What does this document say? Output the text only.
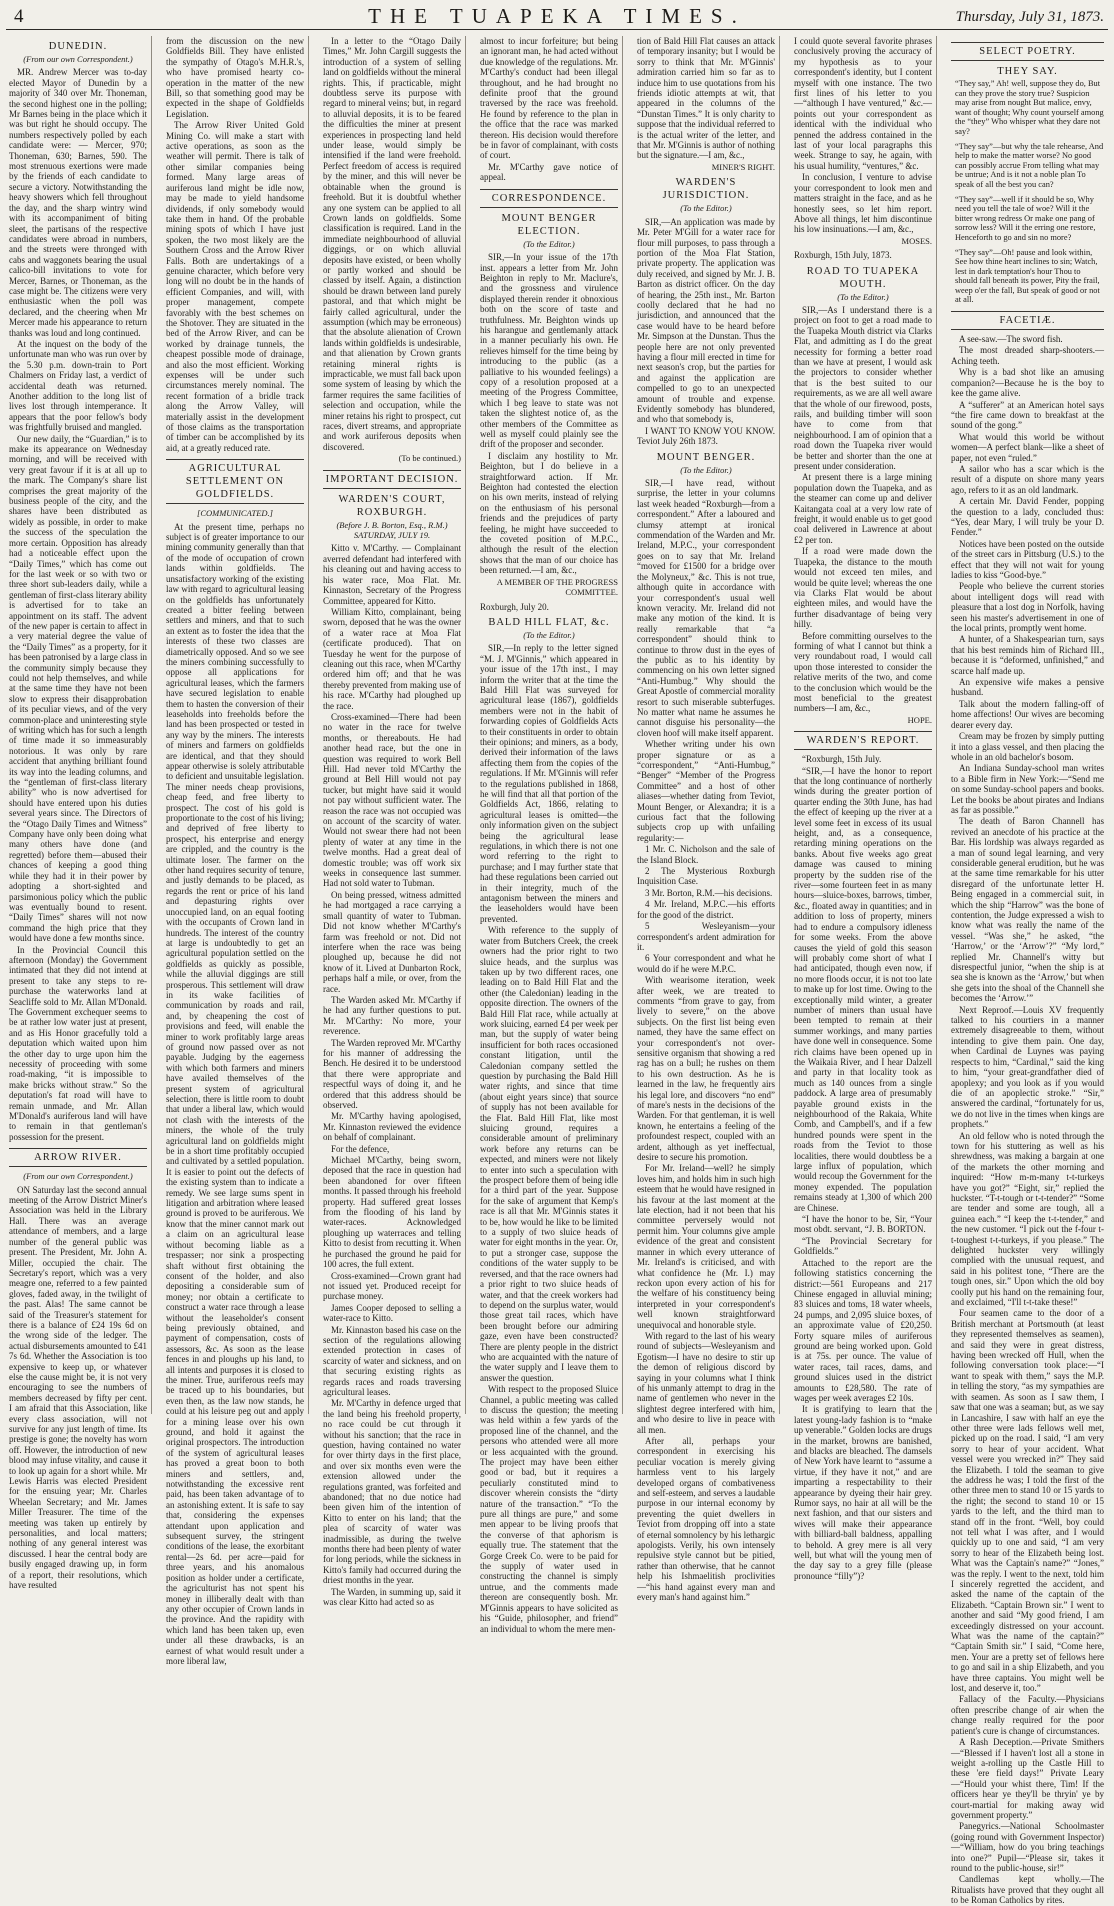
4	THE TUAPEKA TIMES.	Thursday, July 31, 1873.
DUNEDIN.
(From our own Correspondent.)

MR. Andrew Mercer was to-day elected Mayor of Dunedin by a majority of 340 over Mr. Thoneman, the second highest one in the polling; Mr Barnes being in the place which it was but right he should occupy. The numbers respectively polled by each candidate were: — Mercer, 970; Thoneman, 630; Barnes, 590. The most strenuous exertions were made by the friends of each candidate to secure a victory. Notwithstanding the heavy showers which fell throughout the day, and the sharp wintry wind with its accompaniment of biting sleet, the partisans of the respective candidates were abroad in numbers, and the streets were thronged with cabs and waggonets bearing the usual calico-bill invitations to vote for Mercer, Barnes, or Thoneman, as the case might be. The citizens were very enthusiastic when the poll was declared, and the cheering when Mr Mercer made his appearance to return thanks was loud and long continued.

At the inquest on the body of the unfortunate man who was run over by the 5.30 p.m. down-train to Port Chalmers on Friday last, a verdict of accidental death was returned. Another addition to the long list of lives lost through intemperance. It appears that the poor fellow's body was frightfully bruised and mangled.

Our new daily, the “Guardian,” is to make its appearance on Wednesday morning, and will be received with very great favour if it is at all up to the mark. The Company's share list comprises the great majority of the business people of the city, and the shares have been distributed as widely as possible, in order to make the success of the speculation the more certain. Opposition has already had a noticeable effect upon the “Daily Times,” which has come out for the last week or so with two or three short sub-leaders daily, while a gentleman of first-class literary ability is advertised for to take an appointment on its staff. The advent of the new paper is certain to affect in a very material degree the value of the “Daily Times” as a property, for it has been patronised by a large class in the community simply because they could not help themselves, and while at the same time they have not been slow to express their disapprobation of its peculiar views, and of the very common-place and uninteresting style of writing which has for such a length of time made it so immeasurably notorious. It was only by rare accident that anything brilliant found its way into the leading columns, and the “gentleman of first-class literary ability” who is now advertised for should have entered upon his duties several years since. The Directors of the “Otago Daily Times and Witness” Company have only been doing what many others have done (and regretted) before them—abused their chances of keeping a good thing while they had it in their power by adopting a short-sighted and parsimonious policy which the public was eventually bound to resent. “Daily Times” shares will not now command the high price that they would have done a few months since.

In the Provincial Council this afternoon (Monday) the Government intimated that they did not intend at present to take any steps to re-purchase the waterworks land at Seacliffe sold to Mr. Allan M'Donald. The Government exchequer seems to be at rather low water just at present, and as His Honor gracefully told a deputation which waited upon him the other day to urge upon him the necessity of proceeding with some road-making, “it is impossible to make bricks without straw.” So the deputation's fat road will have to remain unmade, and Mr. Allan M'Donald's auriferous land will have to remain in that gentleman's possession for the present.

ARROW RIVER.
(From our own Correspondent.)

ON Saturday last the second annual meeting of the Arrow District Miner's Association was held in the Library Hall. There was an average attendance of members, and a large number of the general public was present. The President, Mr. John A. Miller, occupied the chair. The Secretary's report, which was a very meagre one, referred to a few painted gloves, faded away, in the twilight of the past. Alas! The same cannot be said of the Treasurer's statement for there is a balance of £24 19s 6d on the wrong side of the ledger. The actual disbursements amounted to £41 7s 6d. Whether the Association is too expensive to keep up, or whatever else the cause might be, it is not very encouraging to see the numbers of members decreased by fifty per cent. I am afraid that this Association, like every class association, will not survive for any just length of time. Its prestige is gone; the novelty has worn off. However, the introduction of new blood may infuse vitality, and cause it to look up again for a short while. Mr Lewis Harris was elected President for the ensuing year; Mr. Charles Wheelan Secretary; and Mr. James Miller Treasurer. The time of the meeting was taken up entirely by personalities, and local matters; nothing of any general interest was discussed. I hear the central body are busily engaged drawing up, in form of a report, their resolutions, which have resulted

from the discussion on the new Goldfields Bill. They have enlisted the sympathy of Otago's M.H.R.'s, who have promised hearty co-operation in the matter of the new Bill, so that something good may be expected in the shape of Goldfields Legislation.

The Arrow River United Gold Mining Co. will make a start with active operations, as soon as the weather will permit. There is talk of other similar companies being formed. Many large areas of auriferous land might be idle now, may be made to yield handsome dividends, if only somebody would take them in hand. Of the probable mining spots of which I have just spoken, the two most likely are the Southern Cross and the Arrow River Falls. Both are undertakings of a genuine character, which before very long will no doubt be in the hands of efficient Companies, and will, with proper management, compete favorably with the best schemes on the Shotover. They are situated in the bed of the Arrow River, and can be worked by drainage tunnels, the cheapest possible mode of drainage, and also the most efficient. Working expenses will be under such circumstances merely nominal. The recent formation of a bridle track along the Arrow Valley, will materially assist in the development of those claims as the transportation of timber can be accomplished by its aid, at a greatly reduced rate.

AGRICULTURAL SETTLEMENT ON GOLDFIELDS.
[COMMUNICATED.]

At the present time, perhaps no subject is of greater importance to our mining community generally than that of the mode of occupation of crown lands within goldfields. The unsatisfactory working of the existing law with regard to agricultural leasing on the goldfields has unfortunately created a bitter feeling between settlers and miners, and that to such an extent as to foster the idea that the interests of these two classes are diametrically opposed. And so we see the miners combining successfully to oppose all applications for agricultural leases, which the farmers have secured legislation to enable them to hasten the conversion of their leaseholds into freeholds before the land has been prospected or tested in any way by the miners. The interests of miners and farmers on goldfields are identical, and that they should appear otherwise is solely attributable to deficient and unsuitable legislation. The miner needs cheap provisions, cheap feed, and free liberty to prospect. The cost of his gold is proportionate to the cost of his living; and deprived of free liberty to prospect, his enterprise and energy are crippled, and the country is the ultimate loser. The farmer on the other hand requires security of tenure, and justly demands to be placed, as regards the rent or price of his land and depasturing rights over unoccupied land, on an equal footing with the occupants of Crown land in hundreds. The interest of the country at large is undoubtedly to get an agricultural population settled on the goldfields as quickly as possible, while the alluvial diggings are still prosperous. This settlement will draw in its wake facilities of communication by roads and rail, and, by cheapening the cost of provisions and feed, will enable the miner to work profitably large areas of ground now passed over as not payable. Judging by the eagerness with which both farmers and miners have availed themselves of the present system of agricultural selection, there is little room to doubt that under a liberal law, which would not clash with the interests of the miners, the whole of the truly agricultural land on goldfields might be in a short time profitably occupied and cultivated by a settled population. It is easier to point out the defects of the existing system than to indicate a remedy. We see large sums spent in litigation and arbitration where leased ground is proved to be auriferous. We know that the miner cannot mark out a claim on an agricultural lease without becoming liable as a trespasser; nor sink a prospecting shaft without first obtaining the consent of the holder, and also depositing a considerable sum of money; nor obtain a certificate to construct a water race through a lease without the leaseholder's consent being previously obtained, and payment of compensation, costs of assessors, &c. As soon as the lease fences in and ploughs up his land, to all intents and purposes it is closed to the miner. True, auriferous reefs may be traced up to his boundaries, but even then, as the law now stands, he could at his leisure peg out and apply for a mining lease over his own ground, and hold it against the original prospectors. The introduction of the system of agricultural leases has proved a great boon to both miners and settlers, and, notwithstanding the excessive rent paid, has been taken advantage of to an astonishing extent. It is safe to say that, considering the expenses attendant upon application and subsequent survey, the stringent conditions of the lease, the exorbitant rental—2s 6d. per acre—paid for three years, and his anomalous position as holder under a certificate, the agriculturist has not spent his money in illiberally dealt with than any other occupier of Crown lands in the province. And the rapidity with which land has been taken up, even under all these drawbacks, is an earnest of what would result under a more liberal law,

In a letter to the “Otago Daily Times,” Mr. John Cargill suggests the introduction of a system of selling land on goldfields without the mineral rights. This, if practicable, might doubtless serve its purpose with regard to mineral veins; but, in regard to alluvial deposits, it is to be feared the difficulties the miner at present experiences in prospecting land held under lease, would simply be intensified if the land were freehold. Perfect freedom of access is required by the miner, and this will never be obtainable when the ground is freehold. But it is doubtful whether any one system can be applied to all Crown lands on goldfields. Some classification is required. Land in the immediate neighbourhood of alluvial diggings, or on which alluvial deposits have existed, or been wholly or partly worked and should be classed by itself. Again, a distinction should be drawn between land purely pastoral, and that which might be fairly called agricultural, under the assumption (which may be erroneous) that the absolute alienation of Crown lands within goldfields is undesirable, and that alienation by Crown grants retaining mineral rights is impracticable, we must fall back upon some system of leasing by which the farmer requires the same facilities of selection and occupation, while the miner retains his right to prospect, cut races, divert streams, and appropriate and work auriferous deposits when discovered.

(To be continued.)
IMPORTANT DECISION.
WARDEN'S COURT, ROXBURGH.
(Before J. B. Borton, Esq., R.M.) SATURDAY, JULY 19.

Kitto v. M'Carthy. — Complainant averred defendant had interfered with his cleaning out and having access to his water race, Moa Flat. Mr. Kinnaston, Secretary of the Progress Committee, appeared for Kitto.

William Kitto, complainant, being sworn, deposed that he was the owner of a water race at Moa Flat (certificate produced). That on Tuesday he went for the purpose of cleaning out this race, when M'Carthy ordered him off; and that he was thereby prevented from making use of his race. M'Carthy had ploughed up the race.

Cross-examined—There had been no water in the race for twelve months, or thereabouts. He had another head race, but the one in question was required to work Bell Hill. Had never told M'Carthy the ground at Bell Hill would not pay tucker, but might have said it would not pay without sufficient water. The reason the race was not occupied was on account of the scarcity of water. Would not swear there had not been plenty of water at any time in the twelve months. Had a great deal of domestic trouble; was off work six weeks in consequence last summer. Had not sold water to Tubman.

On being pressed, witness admitted he had mortgaged a race carrying a small quantity of water to Tubman. Did not know whether M'Carthy's farm was freehold or not. Did not interfere when the race was being ploughed up, because he did not know of it. Lived at Dunbarton Rock, perhaps half a mile, or over, from the race.

The Warden asked Mr. M'Carthy if he had any further questions to put. Mr. M'Carthy: No more, your reverence.

The Warden reproved Mr. M'Carthy for his manner of addressing the Bench. He desired it to be understood that there were appropriate and respectful ways of doing it, and he ordered that this address should be observed.

Mr. M'Carthy having apologised, Mr. Kinnaston reviewed the evidence on behalf of complainant.

For the defence,

Michael M'Carthy, being sworn, deposed that the race in question had been abandoned for over fifteen months. It passed through his freehold property. Had suffered great losses from the flooding of his land by water-races. Acknowledged ploughing up waterraces and telling Kitto to desist from recutting it. When he purchased the ground he paid for 100 acres, the full extent.

Cross-examined—Crown grant had not issued yet. Produced receipt for purchase money.

James Cooper deposed to selling a water-race to Kitto.

Mr. Kinnaston based his case on the section of the regulations allowing extended protection in cases of scarcity of water and sickness, and on that securing existing rights as regards races and roads traversing agricultural leases.

Mr. M'Carthy in defence urged that the land being his freehold property, no race could be cut through it without his sanction; that the race in question, having contained no water for over thirty days in the first place, and over six months even were the extension allowed under the regulations granted, was forfeited and abandoned; that no due notice had been given him of the intention of Kitto to enter on his land; that the plea of scarcity of water was inadmissible, as during the twelve months there had been plenty of water for long periods, while the sickness in Kitto's family had occurred during the driest months in the year.

The Warden, in summing up, said it was clear Kitto had acted so as

almost to incur forfeiture; but being an ignorant man, he had acted without due knowledge of the regulations. Mr. M'Carthy's conduct had been illegal throughout, and he had brought no definite proof that the ground traversed by the race was freehold. He found by reference to the plan in the office that the race was marked thereon. His decision would therefore be in favor of complainant, with costs of court.

Mr. M'Carthy gave notice of appeal.

CORRESPONDENCE.
MOUNT BENGER ELECTION.
(To the Editor.)

SIR,—In your issue of the 17th inst. appears a letter from Mr. John Beighton in reply to Mr. Maclure's, and the grossness and virulence displayed therein render it obnoxious both on the score of taste and truthfulness. Mr. Beighton winds up his harangue and gentlemanly attack in a manner peculiarly his own. He relieves himself for the time being by introducing to the public (as a palliative to his wounded feelings) a copy of a resolution proposed at a meeting of the Progress Committee, which I beg leave to state was not taken the slightest notice of, as the other members of the Committee as well as myself could plainly see the drift of the proposer and seconder.

I disclaim any hostility to Mr. Beighton, but I do believe in a straightforward action. If Mr. Beighton had contested the election on his own merits, instead of relying on the enthusiasm of his personal friends and the prejudices of party feeling, he might have succeeded to the coveted position of M.P.C., although the result of the election shows that the man of our choice has been returned.—I am, &c.,

A MEMBER OF THE PROGRESS COMMITTEE.

Roxburgh, July 20.

BALD HILL FLAT, &c.
(To the Editor.)

SIR,—In reply to the letter signed “M. J. M'Ginnis,” which appeared in your issue of the 17th inst., I may inform the writer that at the time the Bald Hill Flat was surveyed for agricultural lease (1867), goldfields members were not in the habit of forwarding copies of Goldfields Acts to their constituents in order to obtain their opinions; and miners, as a body, derived their information of the laws affecting them from the copies of the regulations. If Mr. M'Ginnis will refer to the regulations published in 1868, he will find that all that portion of the Goldfields Act, 1866, relating to agricultural leases is omitted—the only information given on the subject being the agricultural lease regulations, in which there is not one word referring to the right to purchase; and I may further state that had these regulations been carried out in their integrity, much of the antagonism between the miners and the leaseholders would have been prevented.

With reference to the supply of water from Butchers Creek, the creek owners had the prior right to two sluice heads, and the surplus was taken up by two different races, one leading on to Bald Hill Flat and the other (the Caledonian) leading in the opposite direction. The owners of the Bald Hill Flat race, while actually at work sluicing, earned £4 per week per man, but the supply of water being insufficient for both races occasioned constant litigation, until the Caledonian company settled the question by purchasing the Bald Hill water rights, and since that time (about eight years since) that source of supply has not been available for the Flat. Bald Hill Flat, like most sluicing ground, requires a considerable amount of preliminary work before any returns can be expected, and miners were not likely to enter into such a speculation with the prospect before them of being idle for a third part of the year. Suppose for the sake of argument that Kemp's race is all that Mr. M'Ginnis states it to be, how would he like to be limited to a supply of two sluice heads of water for eight months in the year. Or, to put a stronger case, suppose the conditions of the water supply to be reversed, and that the race owners had a prior right to two sluice heads of water, and that the creek workers had to depend on the surplus water, would those great tail races, which have been brought before our admiring gaze, even have been constructed? There are plenty people in the district who are acquainted with the nature of the water supply and I leave them to answer the question.

With respect to the proposed Sluice Channel, a public meeting was called to discuss the question; the meeting was held within a few yards of the proposed line of the channel, and the persons who attended were all more or less acquainted with the ground. The project may have been either good or bad, but it requires a peculiarly constituted mind to discover wherein consists the “dirty nature of the transaction.” “To the pure all things are pure,” and some men appear to be living proofs that the converse of that aphorism is equally true. The statement that the Gorge Creek Co. were to be paid for the supply of water used in constructing the channel is simply untrue, and the comments made thereon are consequently bosh. Mr. M'Ginnis appears to have solicited as his “Guide, philosopher, and friend” an individual to whom the mere men-

tion of Bald Hill Flat causes an attack of temporary insanity; but I would be sorry to think that Mr. M'Ginnis' admiration carried him so far as to induce him to use quotations from his friends idiotic attempts at wit, that appeared in the columns of the “Dunstan Times.” It is only charity to suppose that the individual referred to is the actual writer of the letter, and that Mr. M'Ginnis is author of nothing but the signature.—I am, &c.,

MINER'S RIGHT.
WARDEN'S JURISDICTION.
(To the Editor.)

SIR,—An application was made by Mr. Peter M'Gill for a water race for flour mill purposes, to pass through a portion of the Moa Flat Station, private property. The application was duly received, and signed by Mr. J. B. Barton as district officer. On the day of hearing, the 25th inst., Mr. Barton coolly declared that he had no jurisdiction, and announced that the case would have to be heard before Mr. Simpson at the Dunstan. Thus the people here are not only prevented having a flour mill erected in time for next season's crop, but the parties for and against the application are compelled to go to an unexpected amount of trouble and expense. Evidently somebody has blundered, and who that somebody is,

I WANT TO KNOW YOU KNOW. Teviot July 26th 1873.

MOUNT BENGER.
(To the Editor.)

SIR,—I have read, without surprise, the letter in your columns last week headed “Roxburgh—from a correspondent.” After a laboured and clumsy attempt at ironical commendation of the Warden and Mr. Ireland, M.P.C., your correspondent goes on to say that Mr. Ireland “moved for £1500 for a bridge over the Molyneux,” &c. This is not true, although quite in accordance with your correspondent's usual well known veracity. Mr. Ireland did not make any motion of the kind. It is really remarkable that “a correspondent” should think to continue to throw dust in the eyes of the public as to his identity by commencing on his own letter signed “Anti-Humbug.” Why should the Great Apostle of commercial morality resort to such miserable subterfuges. No matter what name he assumes he cannot disguise his personality—the cloven hoof will make itself apparent.

Whether writing under his own proper signature or as a “correspondent,” “Anti-Humbug,” “Benger” “Member of the Progress Committee” and a host of other aliases—whether dating from Teviot, Mount Benger, or Alexandra; it is a curious fact that the following subjects crop up with unfailing regularity:—

1 Mr. C. Nicholson and the sale of the Island Block.

2 The Mysterious Roxburgh Inquisition Case.

3 Mr. Borton, R.M.—his decisions.

4 Mr. Ireland, M.P.C.—his efforts for the good of the district.

5 Wesleyanism—your correspondent's ardent admiration for it.

6 Your correspondent and what he would do if he were M.P.C.

With wearisome iteration, week after week, we are treated to comments “from grave to gay, from lively to severe,” on the above subjects. On the first list being even named, they have the same effect on your correspondent's not over-sensitive organism that showing a red rag has on a bull; he rushes on them to his own destruction. As he is learned in the law, he frequently airs his legal lore, and discovers “no end” of mare's nests in the decisions of the Warden. For that gentleman, it is well known, he entertains a feeling of the profoundest respect, coupled with an ardent, although as yet ineffectual, desire to secure his promotion.

For Mr. Ireland—well? he simply loves him, and holds him in such high esteem that he would have resigned in his favour at the last moment at the late election, had it not been that his committee perversely would not permit him. Your columns give ample evidence of the great and consistent manner in which every utterance of Mr. Ireland's is criticised, and with what confidence he (Mr. I.) may reckon upon every action of his for the welfare of his constituency being interpreted in your correspondent's well known straightforward unequivocal and honorable style.

With regard to the last of his weary round of subjects—Wesleyanism and Egotism—I have no desire to stir up the demon of religious discord by saying in your columns what I think of his unmanly attempt to drag in the name of gentlemen who never in the slightest degree interfered with him, and who desire to live in peace with all men.

After all, perhaps your correspondent in exercising his peculiar vocation is merely giving harmless vent to his largely developed organs of combativeness and self-esteem, and serves a laudable purpose in our internal economy by preventing the quiet dwellers in Teviot from dropping off into a state of eternal somnolency by his lethargic apologists. Verily, his own intensely repulsive style cannot but be pitied, rather than otherwise, that he cannot help his Ishmaelitish proclivities—“his hand against every man and every man's hand against him.”

I could quote several favorite phrases conclusively proving the accuracy of my hypothesis as to your correspondent's identity, but I content myself with one instance. The two first lines of his letter to you—“although I have ventured,” &c.—points out your correspondent as identical with the individual who penned the address contained in the last of your local paragraphs this week. Strange to say, he again, with his usual humility, “ventures,” &c.

In conclusion, I venture to advise your correspondent to look men and matters straight in the face, and as he honestly sees, so let him report. Above all things, let him discontinue his low insinuations.—I am, &c.,

MOSES.

Roxburgh, 15th July, 1873.

ROAD TO TUAPEKA MOUTH.
(To the Editor.)

SIR,—As I understand there is a project on foot to get a road made to the Tuapeka Mouth district via Clarks Flat, and admitting as I do the great necessity for forming a better road than we have at present, I would ask the projectors to consider whether that is the best suited to our requirements, as we are all well aware that the whole of our firewood, posts, rails, and building timber will soon have to come from that neighbourhood. I am of opinion that a road down the Tuapeka river would be better and shorter than the one at present under consideration.

At present there is a large mining population down the Tuapeka, and as the steamer can come up and deliver Kaitangata coal at a very low rate of freight, it would enable us to get good coal delivered in Lawrence at about £2 per ton.

If a road were made down the Tuapeka, the distance to the mouth would not exceed ten miles, and would be quite level; whereas the one via Clarks Flat would be about eighteen miles, and would have the further disadvantage of being very hilly.

Before committing ourselves to the forming of what I cannot but think a very roundabout road, I would call upon those interested to consider the relative merits of the two, and come to the conclusion which would be the most beneficial to the greatest numbers—I am, &c.,

HOPE.
WARDEN'S REPORT.

“Roxburgh, 15th July.

“SIR,—I have the honor to report that the long continuance of northerly winds during the greater portion of quarter ending the 30th June, has had the effect of keeping up the river at a level some feet in excess of its usual height, and, as a consequence, retarding mining operations on the banks. About five weeks ago great damage was caused to mining property by the sudden rise of the river—some fourteen feet in as many hours—sluice-boxes, barrows, timber, &c., floated away in quantities; and in addition to loss of property, miners had to endure a compulsory idleness for some weeks. From the above causes the yield of gold this season will probably come short of what I had anticipated, though even now, if no more floods occur, it is not too late to make up for lost time. Owing to the exceptionally mild winter, a greater number of miners than usual have been tempted to remain at their summer workings, and many parties have done well in consequence. Some rich claims have been opened up in the Waikaia River, and I hear Dalzell and party in that locality took as much as 140 ounces from a single paddock. A large area of presumably payable ground exists in the neighbourhood of the Rakaia, White Comb, and Campbell's, and if a few hundred pounds were spent in the roads from the Teviot to those localities, there would doubtless be a large influx of population, which would recoup the Government for the money expended. The population remains steady at 1,300 of which 200 are Chinese.

“I have the honor to be, Sir, “Your most obdt. servant, “J. B. BORTON.

“The Provincial Secretary for Goldfields.”

Attached to the report are the following statistics concerning the district:—561 Europeans and 217 Chinese engaged in alluvial mining; 83 sluices and toms, 18 water wheels, 24 pumps, and 2,095 sluice boxes, of an approximate value of £20,250. Forty square miles of auriferous ground are being worked upon. Gold is at 75s. per ounce. The value of water races, tail races, dams, and ground sluices used in the district amounts to £28,580. The rate of wages per week averages £2 10s.

It is gratifying to learn that the latest young-lady fashion is to “make up venerable.” Golden locks are drugs in the market, browns are banished, and blacks are bleached. The damsels of New York have learnt to “assume a virtue, if they have it not,” and are imparting a respectability to their appearance by dyeing their hair grey. Rumor says, no hair at all will be the next fashion, and that our sisters and wives will make their appearance with billiard-ball baldness, appalling to behold. A grey mere is all very well, but what will the young men of the day say to a grey fille (please pronounce “filly”)?

SELECT POETRY.
THEY SAY.

“They say,” Ah! well, suppose they do, But can they prove the story true? Suspicion may arise from nought But malice, envy, want of thought; Why count yourself among the “they” Who whisper what they dare not say?

“They say”—but why the tale rehearse, And help to make the matter worse? No good can possibly accrue From telling what may be untrue; And is it not a noble plan To speak of all the best you can?

“They say”—well if it should be so, Why need you tell the tale of woe? Will it the bitter wrong redress Or make one pang of sorrow less? Will it the erring one restore, Henceforth to go and sin no more?

“They say”—Oh! pause and look within, See how thine heart inclines to sin; Watch, lest in dark temptation's hour Thou to should fall beneath its power, Pity the frail, weep o'er the fall, But speak of good or not at all.

FACETIÆ.

A see-saw.—The sword fish.

The most dreaded sharp-shooters.—Aching teeth.

Why is a bad shot like an amusing companion?—Because he is the boy to kee the game alive.

A “sufferer” at an American hotel says “the fire came down to breakfast at the sound of the gong.”

What would this world be without women—A perfect blank—like a sheet of paper, not even “ruled.”

A sailor who has a scar which is the result of a dispute on shore many years ago, refers to it as an old landmark.

A certain Mr. David Fender, popping the question to a lady, concluded thus: “Yes, dear Mary, I will truly be your D. Fender.”

Notices have been posted on the outside of the street cars in Pittsburg (U.S.) to the effect that they will not wait for young ladies to kiss “Good-bye.”

People who believe the current stories about intelligent dogs will read with pleasure that a lost dog in Norfolk, having seen his master's advertisement in one of the local prints, promptly went home.

A hunter, of a Shakespearian turn, says that his best reminds him of Richard III., because it is “deformed, unfinished,” and scarce half made up.

An expensive wife makes a pensive husband.

Talk about the modern falling-off of home affections! Our wives are becoming dearer every day.

Cream may be frozen by simply putting it into a glass vessel, and then placing the whole in an old bachelor's bosom.

An Indiana Sunday-school man writes to a Bible firm in New York:—“Send me on some Sunday-school papers and books. Let the books be about pirates and Indians as far as possible.”

The death of Baron Channell has revived an anecdote of his practice at the Bar. His lordship was always regarded as a man of sound legal learning, and very considerable general erudition, but he was at the same time remarkable for his utter disregard of the unfortunate letter H. Being engaged in a commercial suit, in which the ship “Harrow” was the bone of contention, the Judge expressed a wish to know what was really the name of the vessel. “Was she,” he asked, “the ‘Harrow,’ or the ‘Arrow’?” “My lord,” replied Mr. Channell's witty but disrespectful junior, “when the ship is at sea she is known as the ‘Arrow,’ but when she gets into the shoal of the Channell she becomes the ‘Arrow.’”

Next Reproof.—Louis XV frequently talked to his courtiers in a manner extremely disagreeable to them, without intending to give them pain. One day, when Cardinal de Luynes was paying respects to him, “Cardinal,” said the king to him, “your great-grandfather died of apoplexy; and you look as if you would die of an apoplectic stroke.” “Sir,” answered the cardinal, “fortunately for us, we do not live in the times when kings are prophets.”

An old fellow who is noted through the town for his stuttering as well as his shrewdness, was making a bargain at one of the markets the other morning and inquired: “How m-m-many t-t-turkeys have you got?” “Eight, sir,” replied the huckster. “T-t-tough or t-t-tender?” “Some are tender and some are tough, all a guinea each.” “I keep the t-t-tender,” and the new customer. “I pick out the f-four t-t-toughest t-t-turkeys, if you please.” The delighted huckster very willingly complied with the unusual request, and said in his politest tone, “There are the tough ones, sir.” Upon which the old boy coolly put his hand on the remaining four, and exclaimed, “I'll t-t-take these!”

Four seamen came to the door of a British merchant at Portsmouth (at least they represented themselves as seamen), and said they were in great distress, having been wrecked off Hull, when the following conversation took place:—“I want to speak with them,” says the M.P. in telling the story, “as my sympathies are with seamen. As soon as I saw them, I saw that one was a seaman; but, as we say in Lancashire, I saw with half an eye the other three were lads fellows well met, picked up on the road. I said, “I am very sorry to hear of your accident. What vessel were you wrecked in?” They said the Elizabeth. I told the seaman to give the address he was; I told the first of the other three men to stand 10 or 15 yards to the right; the second to stand 10 or 15 yards to the left, and the third man to stand off in the front. “Well, boy could not tell what I was after, and I would quickly up to one and said, “I am very sorry to hear of the Elizabeth being lost. What was the Captain's name?” “Jones,” was the reply. I went to the next, told him I sincerely regretted the accident, and asked the name of the captain of the Elizabeth. “Captain Brown sir.” I went to another and said “My good friend, I am exceedingly distressed on your account. What was the name of the captain?” “Captain Smith sir.” I said, “Come here, men. Your are a pretty set of fellows here to go and sail in a ship Elizabeth, and you have three captains. You might well be lost, and deserve it, too.”

Fallacy of the Faculty.—Physicians often prescribe change of air when the change really required for the poor patient's cure is change of circumstances.

A Rash Deception.—Private Smithers—“Blessed if I haven't lost all a stone in weight a-rolling up the Castle Hill to these 'ere field days!” Private Leary—“Hould your whist there, Tim! If the officers hear ye they'll be thryin' ye by court-martial for making away wid government property.”

Panegyrics.—National Schoolmaster (going round with Government Inspector)—“William, how do you bring teachings into one?” Pupil—“Please sir, takes it round to the public-house, sir!”

Candlemas kept wholly.—The Ritualists have proved that they ought all to be Roman Catholics by rites.
